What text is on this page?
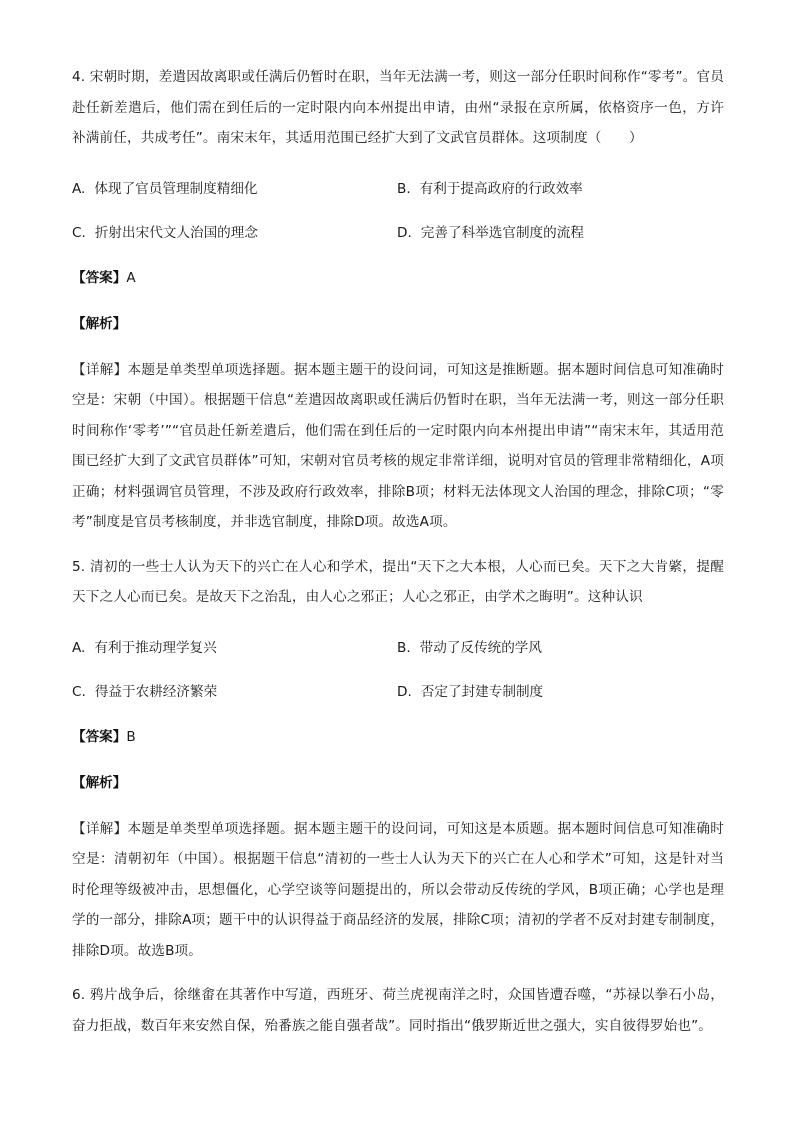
4. 宋朝时期，差遣因故离职或任满后仍暂时在职，当年无法满一考，则这一部分任职时间称作“零考”。官员赴任新差遣后，他们需在到任后的一定时限内向本州提出申请，由州“录报在京所属，依格资序一色，方许补满前任，共成考任”。南宋末年，其适用范围已经扩大到了文武官员群体。这项制度（　　）

A. 体现了官员管理制度精细化	B. 有利于提高政府的行政效率
C. 折射出宋代文人治国的理念	D. 完善了科举选官制度的流程
【答案】A
【解析】

【详解】本题是单类型单项选择题。据本题主题干的设问词，可知这是推断题。据本题时间信息可知准确时空是：宋朝（中国）。根据题干信息“差遣因故离职或任满后仍暂时在职，当年无法满一考，则这一部分任职时间称作‘零考’”“官员赴任新差遣后，他们需在到任后的一定时限内向本州提出申请”“南宋末年，其适用范围已经扩大到了文武官员群体”可知，宋朝对官员考核的规定非常详细，说明对官员的管理非常精细化，A项正确；材料强调官员管理，不涉及政府行政效率，排除B项；材料无法体现文人治国的理念，排除C项；“零考”制度是官员考核制度，并非选官制度，排除D项。故选A项。

5. 清初的一些士人认为天下的兴亡在人心和学术，提出“天下之大本根，人心而已矣。天下之大肯綮，提醒天下之人心而已矣。是故天下之治乱，由人心之邪正；人心之邪正，由学术之晦明”。这种认识

A. 有利于推动理学复兴	B. 带动了反传统的学风
C. 得益于农耕经济繁荣	D. 否定了封建专制制度
【答案】B
【解析】

【详解】本题是单类型单项选择题。据本题主题干的设问词，可知这是本质题。据本题时间信息可知准确时空是：清朝初年（中国）。根据题干信息“清初的一些士人认为天下的兴亡在人心和学术”可知，这是针对当时伦理等级被冲击，思想僵化，心学空谈等问题提出的，所以会带动反传统的学风，B项正确；心学也是理学的一部分，排除A项；题干中的认识得益于商品经济的发展，排除C项；清初的学者不反对封建专制制度，排除D项。故选B项。

6. 鸦片战争后，徐继畬在其著作中写道，西班牙、荷兰虎视南洋之时，众国皆遭吞噬，“苏禄以拳石小岛，奋力拒战，数百年来安然自保，殆番族之能自强者哉”。同时指出“俄罗斯近世之强大，实自彼得罗始也”。
